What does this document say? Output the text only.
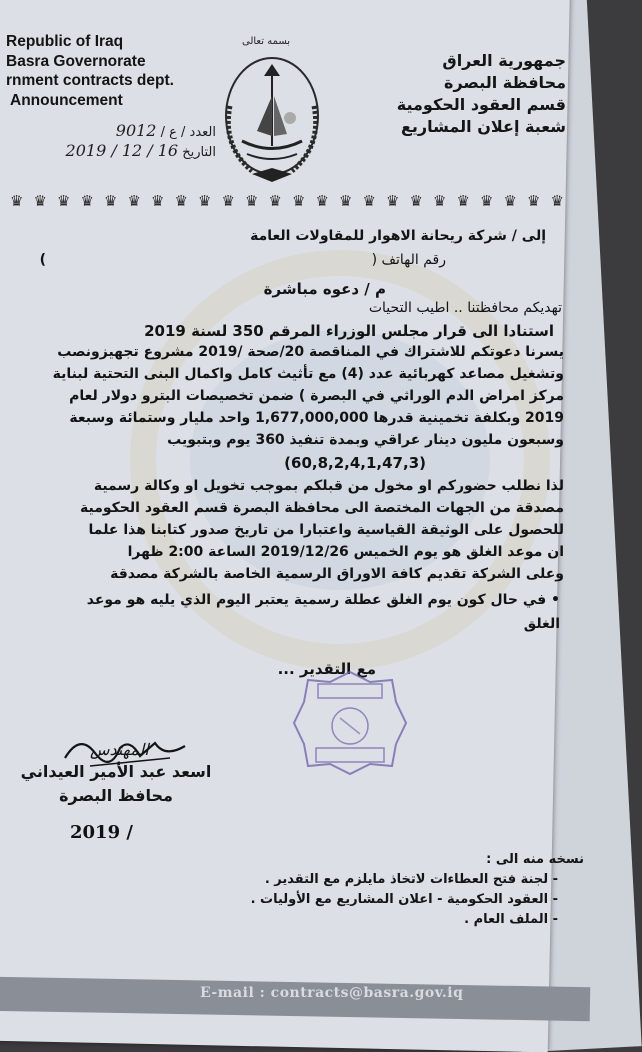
Republic of Iraq
Basra Governorate
rnment contracts dept.
Announcement
بسمه تعالى
العدد / ع / 9012
التاريخ 2019 / 12 / 16
جمهورية العراق
محافظة البصرة
قسم العقود الحكومية
شعبة إعلان المشاريع
♛ ♛ ♛ ♛ ♛ ♛ ♛ ♛ ♛ ♛ ♛ ♛ ♛ ♛ ♛ ♛ ♛ ♛ ♛ ♛ ♛ ♛ ♛ ♛
إلى / شركة ريحانة الاهوار للمقاولات العامة
رقم الهاتف (
)
م / دعوه مباشرة
تهديكم محافظتنا .. اطيب التحيات
استنادا الى قرار مجلس الوزراء المرقم 350 لسنة 2019
يسرنا دعوتكم للاشتراك في المناقصة 20/صحة /2019 مشروع تجهيزونصب
وتشغيل مصاعد كهربائية عدد (4) مع تأثيث كامل واكمال البنى التحتية لبناية
مركز امراض الدم الوراثي في البصرة ) ضمن تخصيصات البترو دولار لعام
2019 وبكلفة تخمينية قدرها 1,677,000,000 واحد مليار وستمائة وسبعة
وسبعون مليون دينار عراقي وبمدة تنفيذ 360 يوم وبتبويب
(60,8,2,4,1,47,3)
لذا نطلب حضوركم او مخول من قبلكم بموجب تخويل او وكالة رسمية
مصدقة من الجهات المختصة الى محافظة البصرة قسم العقود الحكومية
للحصول على الوثيقة القياسية واعتبارا من تاريخ صدور كتابنا هذا علما
ان موعد الغلق هو يوم الخميس 2019/12/26 الساعة 2:00 ظهرا
وعلى الشركة تقديم كافة الاوراق الرسمية الخاصة بالشركة مصدقة
• في حال كون يوم الغلق عطلة رسمية يعتبر اليوم الذي يليه هو موعد
الغلق
مع التقدير ...
المهندس
اسعد عبد الأمير العيداني
محافظ البصرة
2019 /
نسخه منه الى :
- لجنة فتح العطاءات لاتخاذ مايلزم مع التقدير .
- العقود الحكومية - اعلان المشاريع مع الأوليات .
- الملف العام .
E-mail : contracts@basra.gov.iq
